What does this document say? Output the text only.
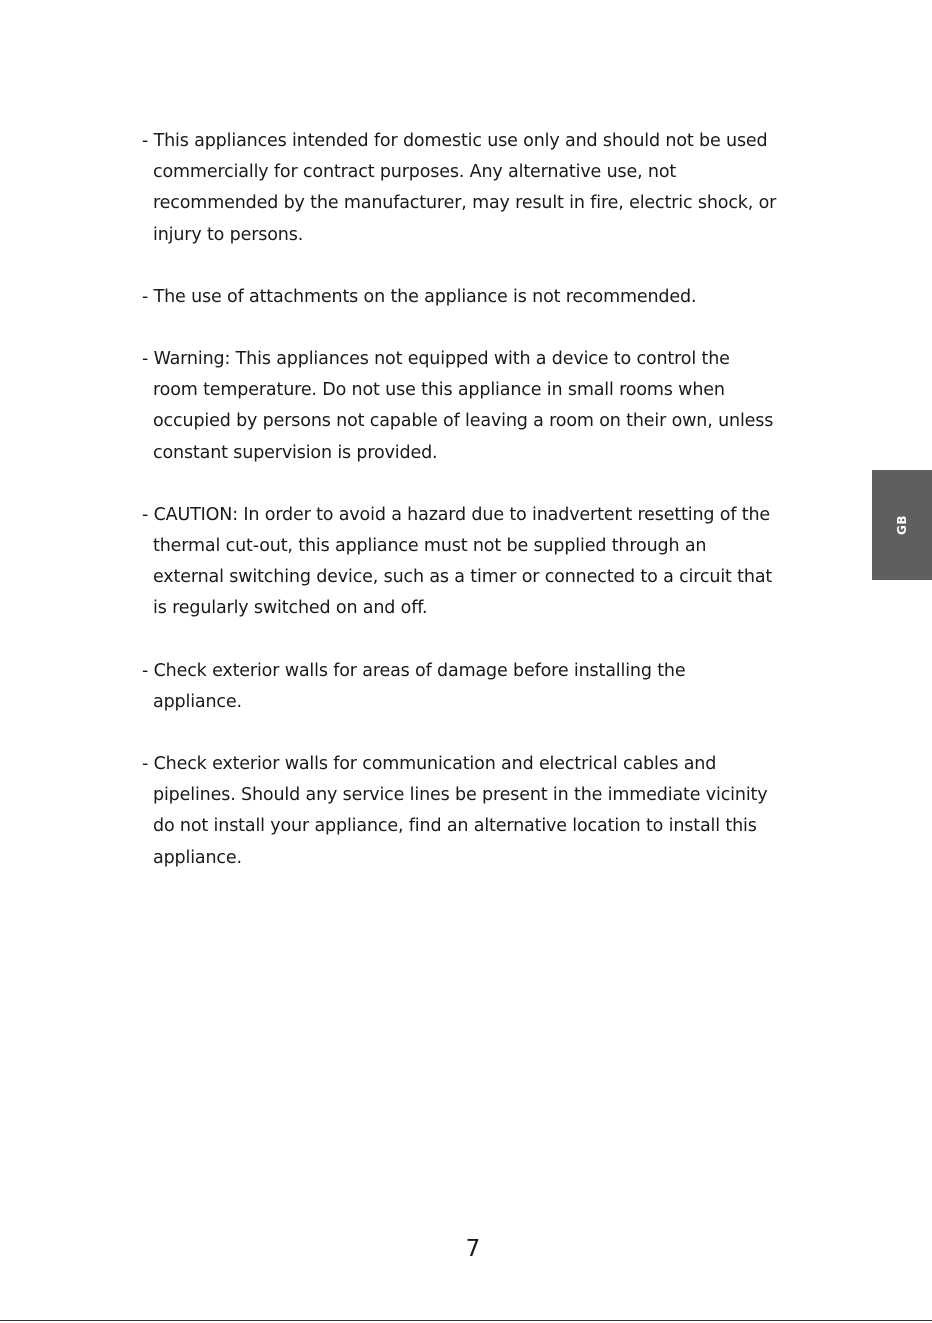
- This appliances intended for domestic use only and should not be used
commercially for contract purposes. Any alternative use, not
recommended by the manufacturer, may result in fire, electric shock, or
injury to persons.
- The use of attachments on the appliance is not recommended.
- Warning: This appliances not equipped with a device to control the
room temperature. Do not use this appliance in small rooms when
occupied by persons not capable of leaving a room on their own, unless
constant supervision is provided.
- CAUTION: In order to avoid a hazard due to inadvertent resetting of the
thermal cut-out, this appliance must not be supplied through an
external switching device, such as a timer or connected to a circuit that
is regularly switched on and off.
- Check exterior walls for areas of damage before installing the
appliance.
- Check exterior walls for communication and electrical cables and
pipelines. Should any service lines be present in the immediate vicinity
do not install your appliance, find an alternative location to install this
appliance.
GB
7
